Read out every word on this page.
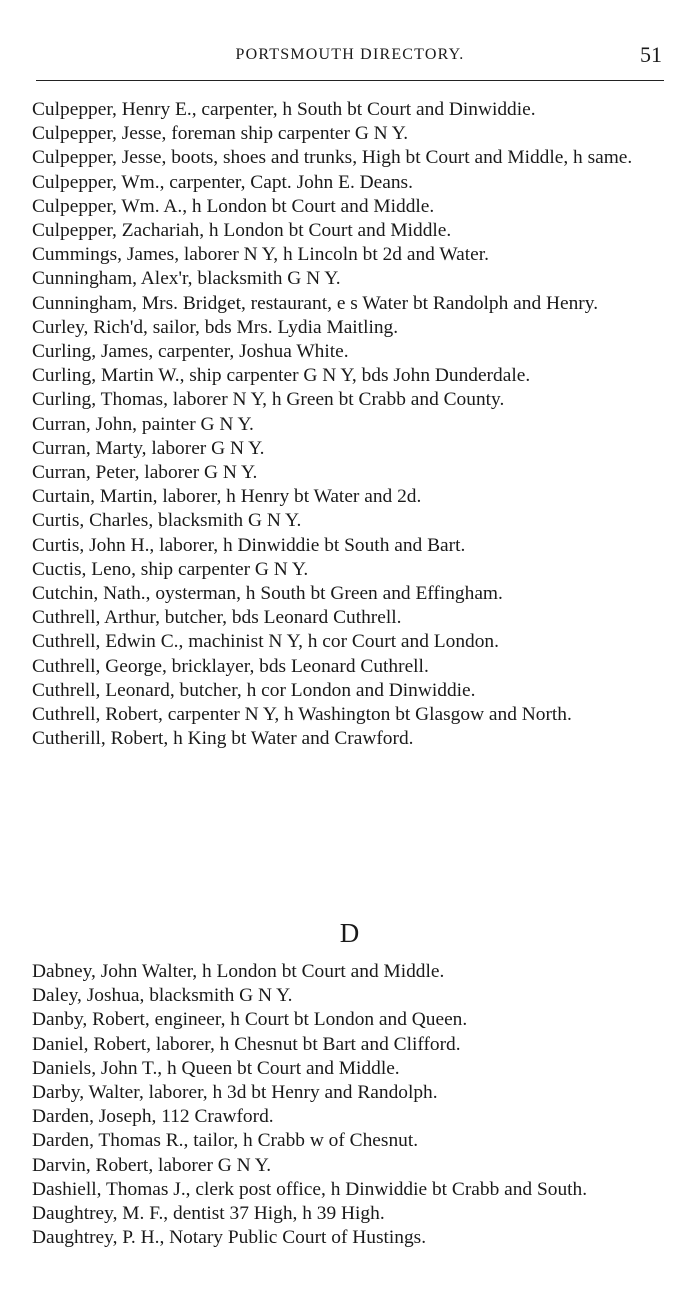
PORTSMOUTH DIRECTORY.	51
Culpepper, Henry E., carpenter, h South bt Court and Dinwiddie.
Culpepper, Jesse, foreman ship carpenter G N Y.
Culpepper, Jesse, boots, shoes and trunks, High bt Court and Middle, h same.
Culpepper, Wm., carpenter, Capt. John E. Deans.
Culpepper, Wm. A., h London bt Court and Middle.
Culpepper, Zachariah, h London bt Court and Middle.
Cummings, James, laborer N Y, h Lincoln bt 2d and Water.
Cunningham, Alex'r, blacksmith G N Y.
Cunningham, Mrs. Bridget, restaurant, e s Water bt Randolph and Henry.
Curley, Rich'd, sailor, bds Mrs. Lydia Maitling.
Curling, James, carpenter, Joshua White.
Curling, Martin W., ship carpenter G N Y, bds John Dunderdale.
Curling, Thomas, laborer N Y, h Green bt Crabb and County.
Curran, John, painter G N Y.
Curran, Marty, laborer G N Y.
Curran, Peter, laborer G N Y.
Curtain, Martin, laborer, h Henry bt Water and 2d.
Curtis, Charles, blacksmith G N Y.
Curtis, John H., laborer, h Dinwiddie bt South and Bart.
Cuctis, Leno, ship carpenter G N Y.
Cutchin, Nath., oysterman, h South bt Green and Effingham.
Cuthrell, Arthur, butcher, bds Leonard Cuthrell.
Cuthrell, Edwin C., machinist N Y, h cor Court and London.
Cuthrell, George, bricklayer, bds Leonard Cuthrell.
Cuthrell, Leonard, butcher, h cor London and Dinwiddie.
Cuthrell, Robert, carpenter N Y, h Washington bt Glasgow and North.
Cutherill, Robert, h King bt Water and Crawford.
D
Dabney, John Walter, h London bt Court and Middle.
Daley, Joshua, blacksmith G N Y.
Danby, Robert, engineer, h Court bt London and Queen.
Daniel, Robert, laborer, h Chesnut bt Bart and Clifford.
Daniels, John T., h Queen bt Court and Middle.
Darby, Walter, laborer, h 3d bt Henry and Randolph.
Darden, Joseph, 112 Crawford.
Darden, Thomas R., tailor, h Crabb w of Chesnut.
Darvin, Robert, laborer G N Y.
Dashiell, Thomas J., clerk post office, h Dinwiddie bt Crabb and South.
Daughtrey, M. F., dentist 37 High, h 39 High.
Daughtrey, P. H., Notary Public Court of Hustings.
